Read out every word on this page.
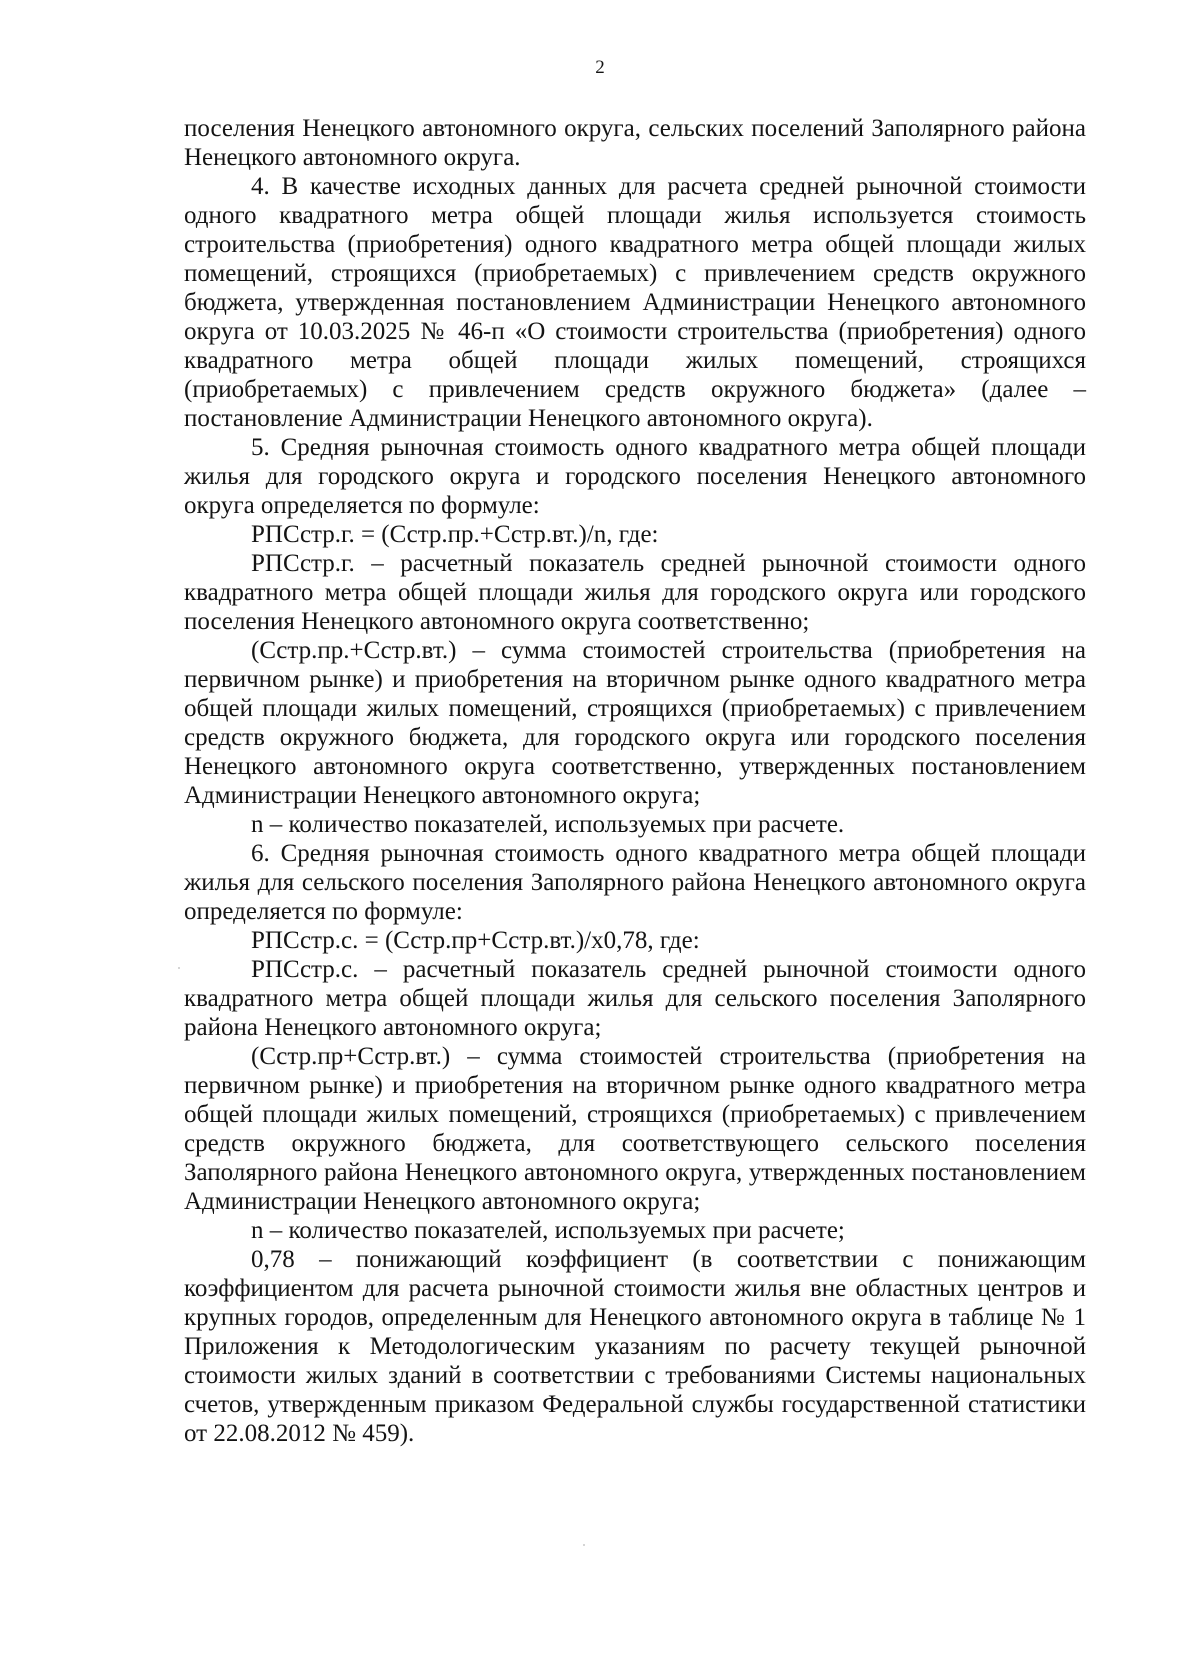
2

поселения Ненецкого автономного округа, сельских поселений Заполярного района Ненецкого автономного округа.

4. В качестве исходных данных для расчета средней рыночной стоимости одного квадратного метра общей площади жилья используется стоимость строительства (приобретения) одного квадратного метра общей площади жилых помещений, строящихся (приобретаемых) с привлечением средств окружного бюджета, утвержденная постановлением Администрации Ненецкого автономного округа от 10.03.2025 № 46-п «О стоимости строительства (приобретения) одного квадратного метра общей площади жилых помещений, строящихся (приобретаемых) с привлечением средств окружного бюджета» (далее – постановление Администрации Ненецкого автономного округа).

5. Средняя рыночная стоимость одного квадратного метра общей площади жилья для городского округа и городского поселения Ненецкого автономного округа определяется по формуле:

РПСстр.г. = (Сстр.пр.+Сстр.вт.)/n, где:

РПСстр.г. – расчетный показатель средней рыночной стоимости одного квадратного метра общей площади жилья для городского округа или городского поселения Ненецкого автономного округа соответственно;

(Сстр.пр.+Сстр.вт.) – сумма стоимостей строительства (приобретения на первичном рынке) и приобретения на вторичном рынке одного квадратного метра общей площади жилых помещений, строящихся (приобретаемых) с привлечением средств окружного бюджета, для городского округа или городского поселения Ненецкого автономного округа соответственно, утвержденных постановлением Администрации Ненецкого автономного округа;

n – количество показателей, используемых при расчете.

6. Средняя рыночная стоимость одного квадратного метра общей площади жилья для сельского поселения Заполярного района Ненецкого автономного округа определяется по формуле:

РПСстр.с. = (Сстр.пр+Сстр.вт.)/х0,78, где:

РПСстр.с. – расчетный показатель средней рыночной стоимости одного квадратного метра общей площади жилья для сельского поселения Заполярного района Ненецкого автономного округа;

(Сстр.пр+Сстр.вт.) – сумма стоимостей строительства (приобретения на первичном рынке) и приобретения на вторичном рынке одного квадратного метра общей площади жилых помещений, строящихся (приобретаемых) с привлечением средств окружного бюджета, для соответствующего сельского поселения Заполярного района Ненецкого автономного округа, утвержденных постановлением Администрации Ненецкого автономного округа;

n – количество показателей, используемых при расчете;

0,78 – понижающий коэффициент (в соответствии с понижающим коэффициентом для расчета рыночной стоимости жилья вне областных центров и крупных городов, определенным для Ненецкого автономного округа в таблице № 1 Приложения к Методологическим указаниям по расчету текущей рыночной стоимости жилых зданий в соответствии с требованиями Системы национальных счетов, утвержденным приказом Федеральной службы государственной статистики от 22.08.2012 № 459).
